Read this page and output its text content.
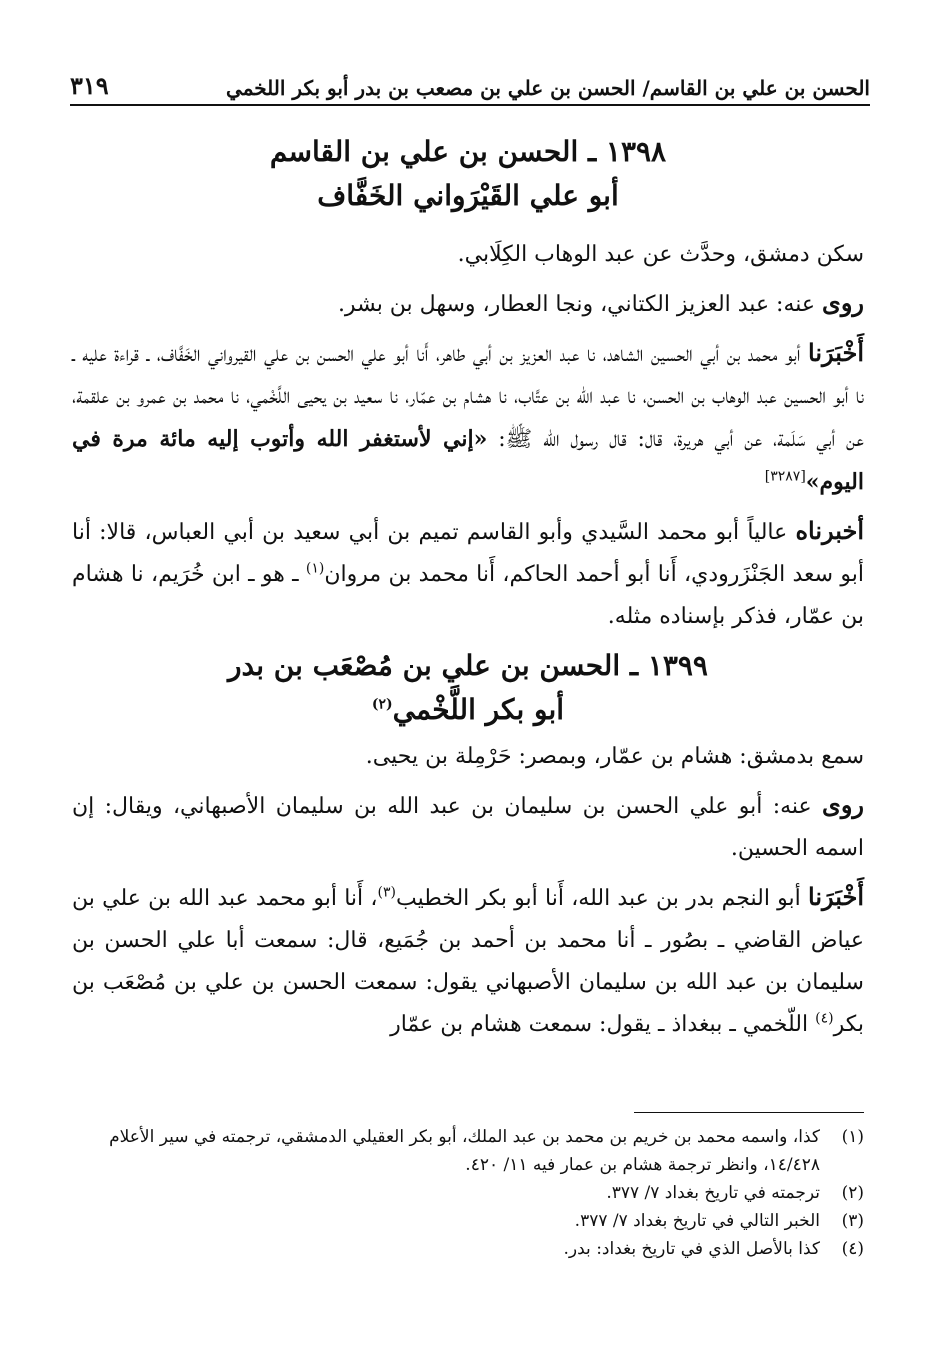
الحسن بن علي بن القاسم/ الحسن بن علي بن مصعب بن بدر أبو بكر اللخمي
٣١٩
١٣٩٨ ـ الحسن بن علي بن القاسم
أبو علي القَيْرَواني الخَفَّاف

سكن دمشق، وحدَّث عن عبد الوهاب الكِلَابي.

روى عنه: عبد العزيز الكتاني، ونجا العطار، وسهل بن بشر.

أَخْبَرَنا أبو محمد بن أبي الحسين الشاهد، نا عبد العزيز بن أبي طاهر، أَنا أبو علي الحسن بن علي القيرواني الخَفَّاف، ـ قراءة عليه ـ نا أبو الحسين عبد الوهاب بن الحسن، نا عبد الله بن عتَّاب، نا هشام بن عمّار، نا سعيد بن يحيى اللَّخْمي، نا محمد بن عمرو بن علقمة، عن أبي سَلَمة، عن أبي هريرة، قال: قال رسول الله ﷺ: «إني لأستغفر الله وأتوب إليه مائة مرة في اليوم»[٣٢٨٧]

أخبرناه عالياً أبو محمد السَّيدي وأبو القاسم تميم بن أبي سعيد بن أبي العباس، قالا: أنا أبو سعد الجَنْزَرودي، أَنا أبو أحمد الحاكم، أَنا محمد بن مروان$^{(١)}$ ـ هو ـ ابن خُرَيم، نا هشام بن عمّار، فذكر بإسناده مثله.

١٣٩٩ ـ الحسن بن علي بن مُصْعَب بن بدر
أبو بكر اللَّخْمي$^{(٢)}$

سمع بدمشق: هشام بن عمّار، وبمصر: حَرْمِلة بن يحيى.

روى عنه: أبو علي الحسن بن سليمان بن عبد الله بن سليمان الأصبهاني، ويقال: إن اسمه الحسين.

أَخْبَرَنا أبو النجم بدر بن عبد الله، أَنا أبو بكر الخطيب$^{(٣)}$، أَنا أبو محمد عبد الله بن علي بن عياض القاضي ـ بصُور ـ أنا محمد بن أحمد بن جُمَيع، قال: سمعت أبا علي الحسن بن سليمان بن عبد الله بن سليمان الأصبهاني يقول: سمعت الحسن بن علي بن مُصْعَب بن بكر$^{(٤)}$ اللّخمي ـ ببغداذ ـ يقول: سمعت هشام بن عمّار

(١)
كذا، واسمه محمد بن خريم بن محمد بن عبد الملك، أبو بكر العقيلي الدمشقي، ترجمته في سير الأعلام ١٤/٤٢٨، وانظر ترجمة هشام بن عمار فيه ١١/ ٤٢٠.

(٢)
ترجمته في تاريخ بغداد ٧/ ٣٧٧.

(٣)
الخبر التالي في تاريخ بغداد ٧/ ٣٧٧.

(٤)
كذا بالأصل الذي في تاريخ بغداد: بدر.
